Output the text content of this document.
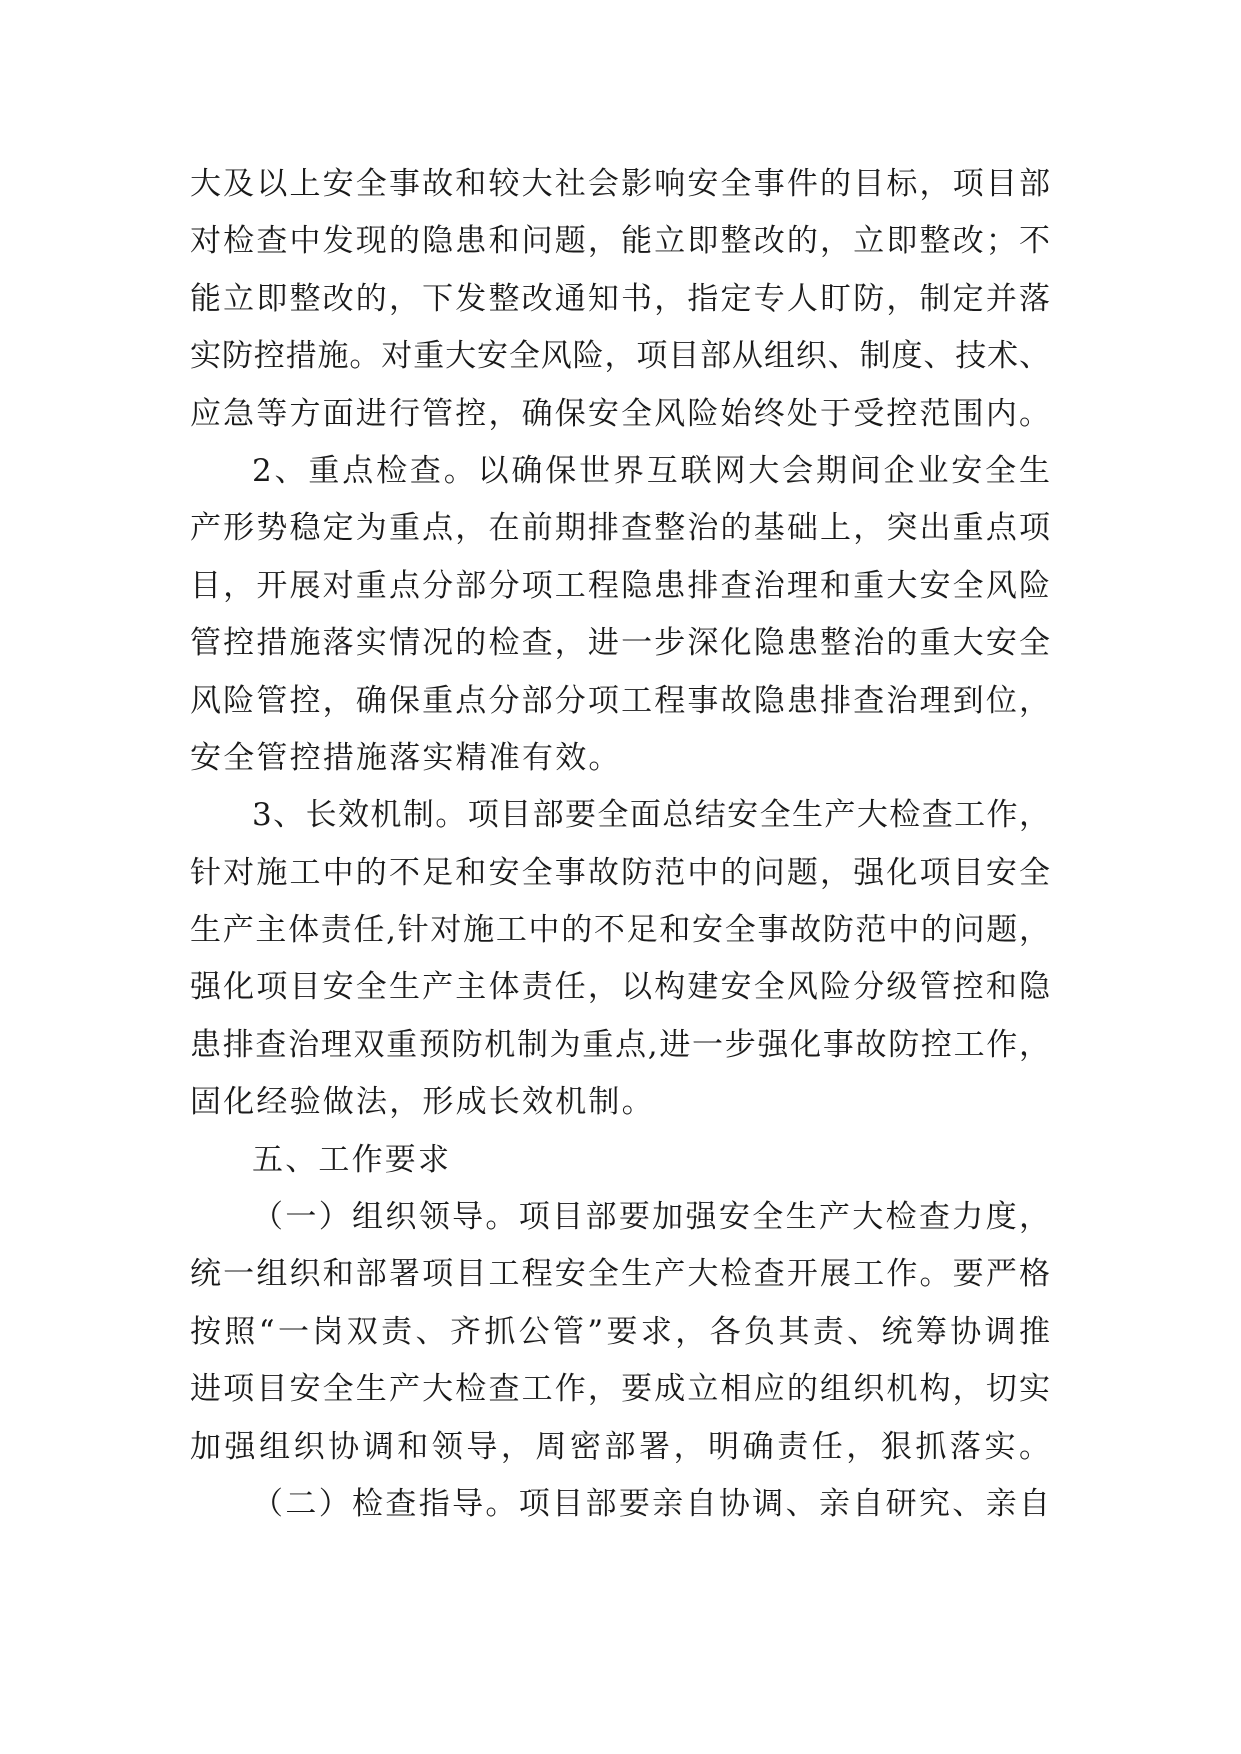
大及以上安全事故和较大社会影响安全事件的目标，项目部
对检查中发现的隐患和问题，能立即整改的，立即整改；不
能立即整改的，下发整改通知书，指定专人盯防，制定并落
实防控措施。对重大安全风险，项目部从组织、制度、技术、
应急等方面进行管控，确保安全风险始终处于受控范围内。
2、重点检查。以确保世界互联网大会期间企业安全生
产形势稳定为重点，在前期排查整治的基础上，突出重点项
目，开展对重点分部分项工程隐患排查治理和重大安全风险
管控措施落实情况的检查，进一步深化隐患整治的重大安全
风险管控，确保重点分部分项工程事故隐患排查治理到位，
安全管控措施落实精准有效。
3、长效机制。项目部要全面总结安全生产大检查工作，
针对施工中的不足和安全事故防范中的问题，强化项目安全
生产主体责任,针对施工中的不足和安全事故防范中的问题，
强化项目安全生产主体责任，以构建安全风险分级管控和隐
患排查治理双重预防机制为重点,进一步强化事故防控工作，
固化经验做法，形成长效机制。
五、工作要求
（一）组织领导。项目部要加强安全生产大检查力度，
统一组织和部署项目工程安全生产大检查开展工作。要严格
按照“一岗双责、齐抓公管”要求，各负其责、统筹协调推
进项目安全生产大检查工作，要成立相应的组织机构，切实
加强组织协调和领导，周密部署，明确责任，狠抓落实。
（二）检查指导。项目部要亲自协调、亲自研究、亲自
